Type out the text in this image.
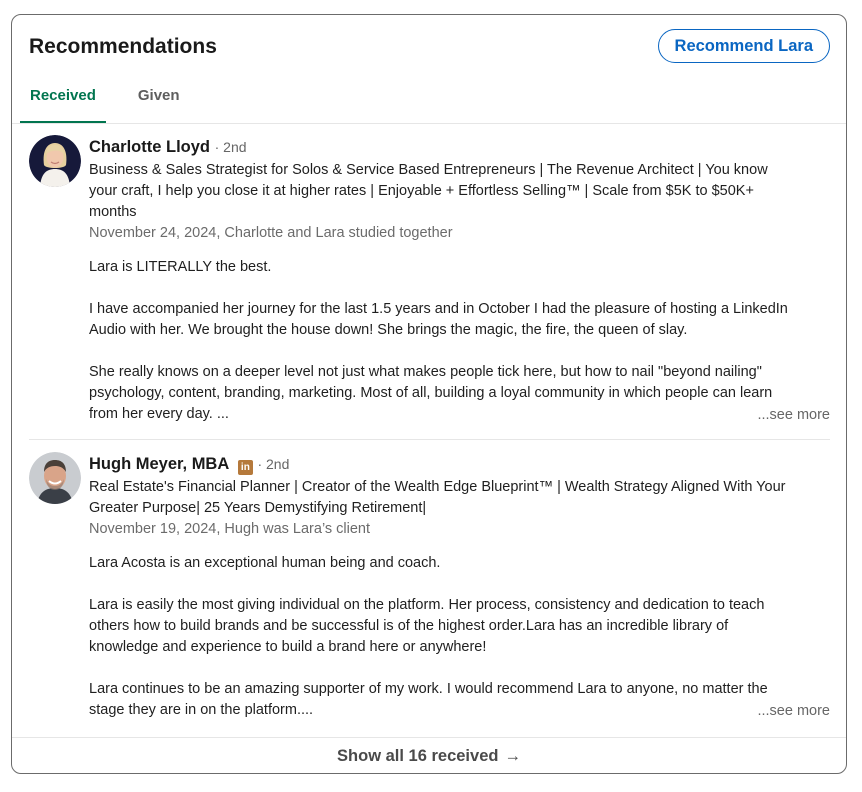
Recommendations	Recommend Lara
Received	Given
Charlotte Lloyd · 2nd
Business & Sales Strategist for Solos & Service Based Entrepreneurs | The Revenue Architect | You know
your craft, I help you close it at higher rates | Enjoyable + Effortless Selling™ | Scale from $5K to $50K+
months
November 24, 2024, Charlotte and Lara studied together

Lara is LITERALLY the best.

I have accompanied her journey for the last 1.5 years and in October I had the pleasure of hosting a LinkedIn

Audio with her. We brought the house down! She brings the magic, the fire, the queen of slay.

She really knows on a deeper level not just what makes people tick here, but how to nail "beyond nailing"

psychology, content, branding, marketing. Most of all, building a loyal community in which people can learn

from her every day. ...	...see more
Hugh Meyer, MBA in · 2nd
Real Estate's Financial Planner | Creator of the Wealth Edge Blueprint™ | Wealth Strategy Aligned With Your
Greater Purpose| 25 Years Demystifying Retirement|
November 19, 2024, Hugh was Lara’s client

Lara Acosta is an exceptional human being and coach.

Lara is easily the most giving individual on the platform. Her process, consistency and dedication to teach

others how to build brands and be successful is of the highest order.Lara has an incredible library of

knowledge and experience to build a brand here or anywhere!

Lara continues to be an amazing supporter of my work. I would recommend Lara to anyone, no matter the

stage they are in on the platform....	...see more
Show all 16 received →
